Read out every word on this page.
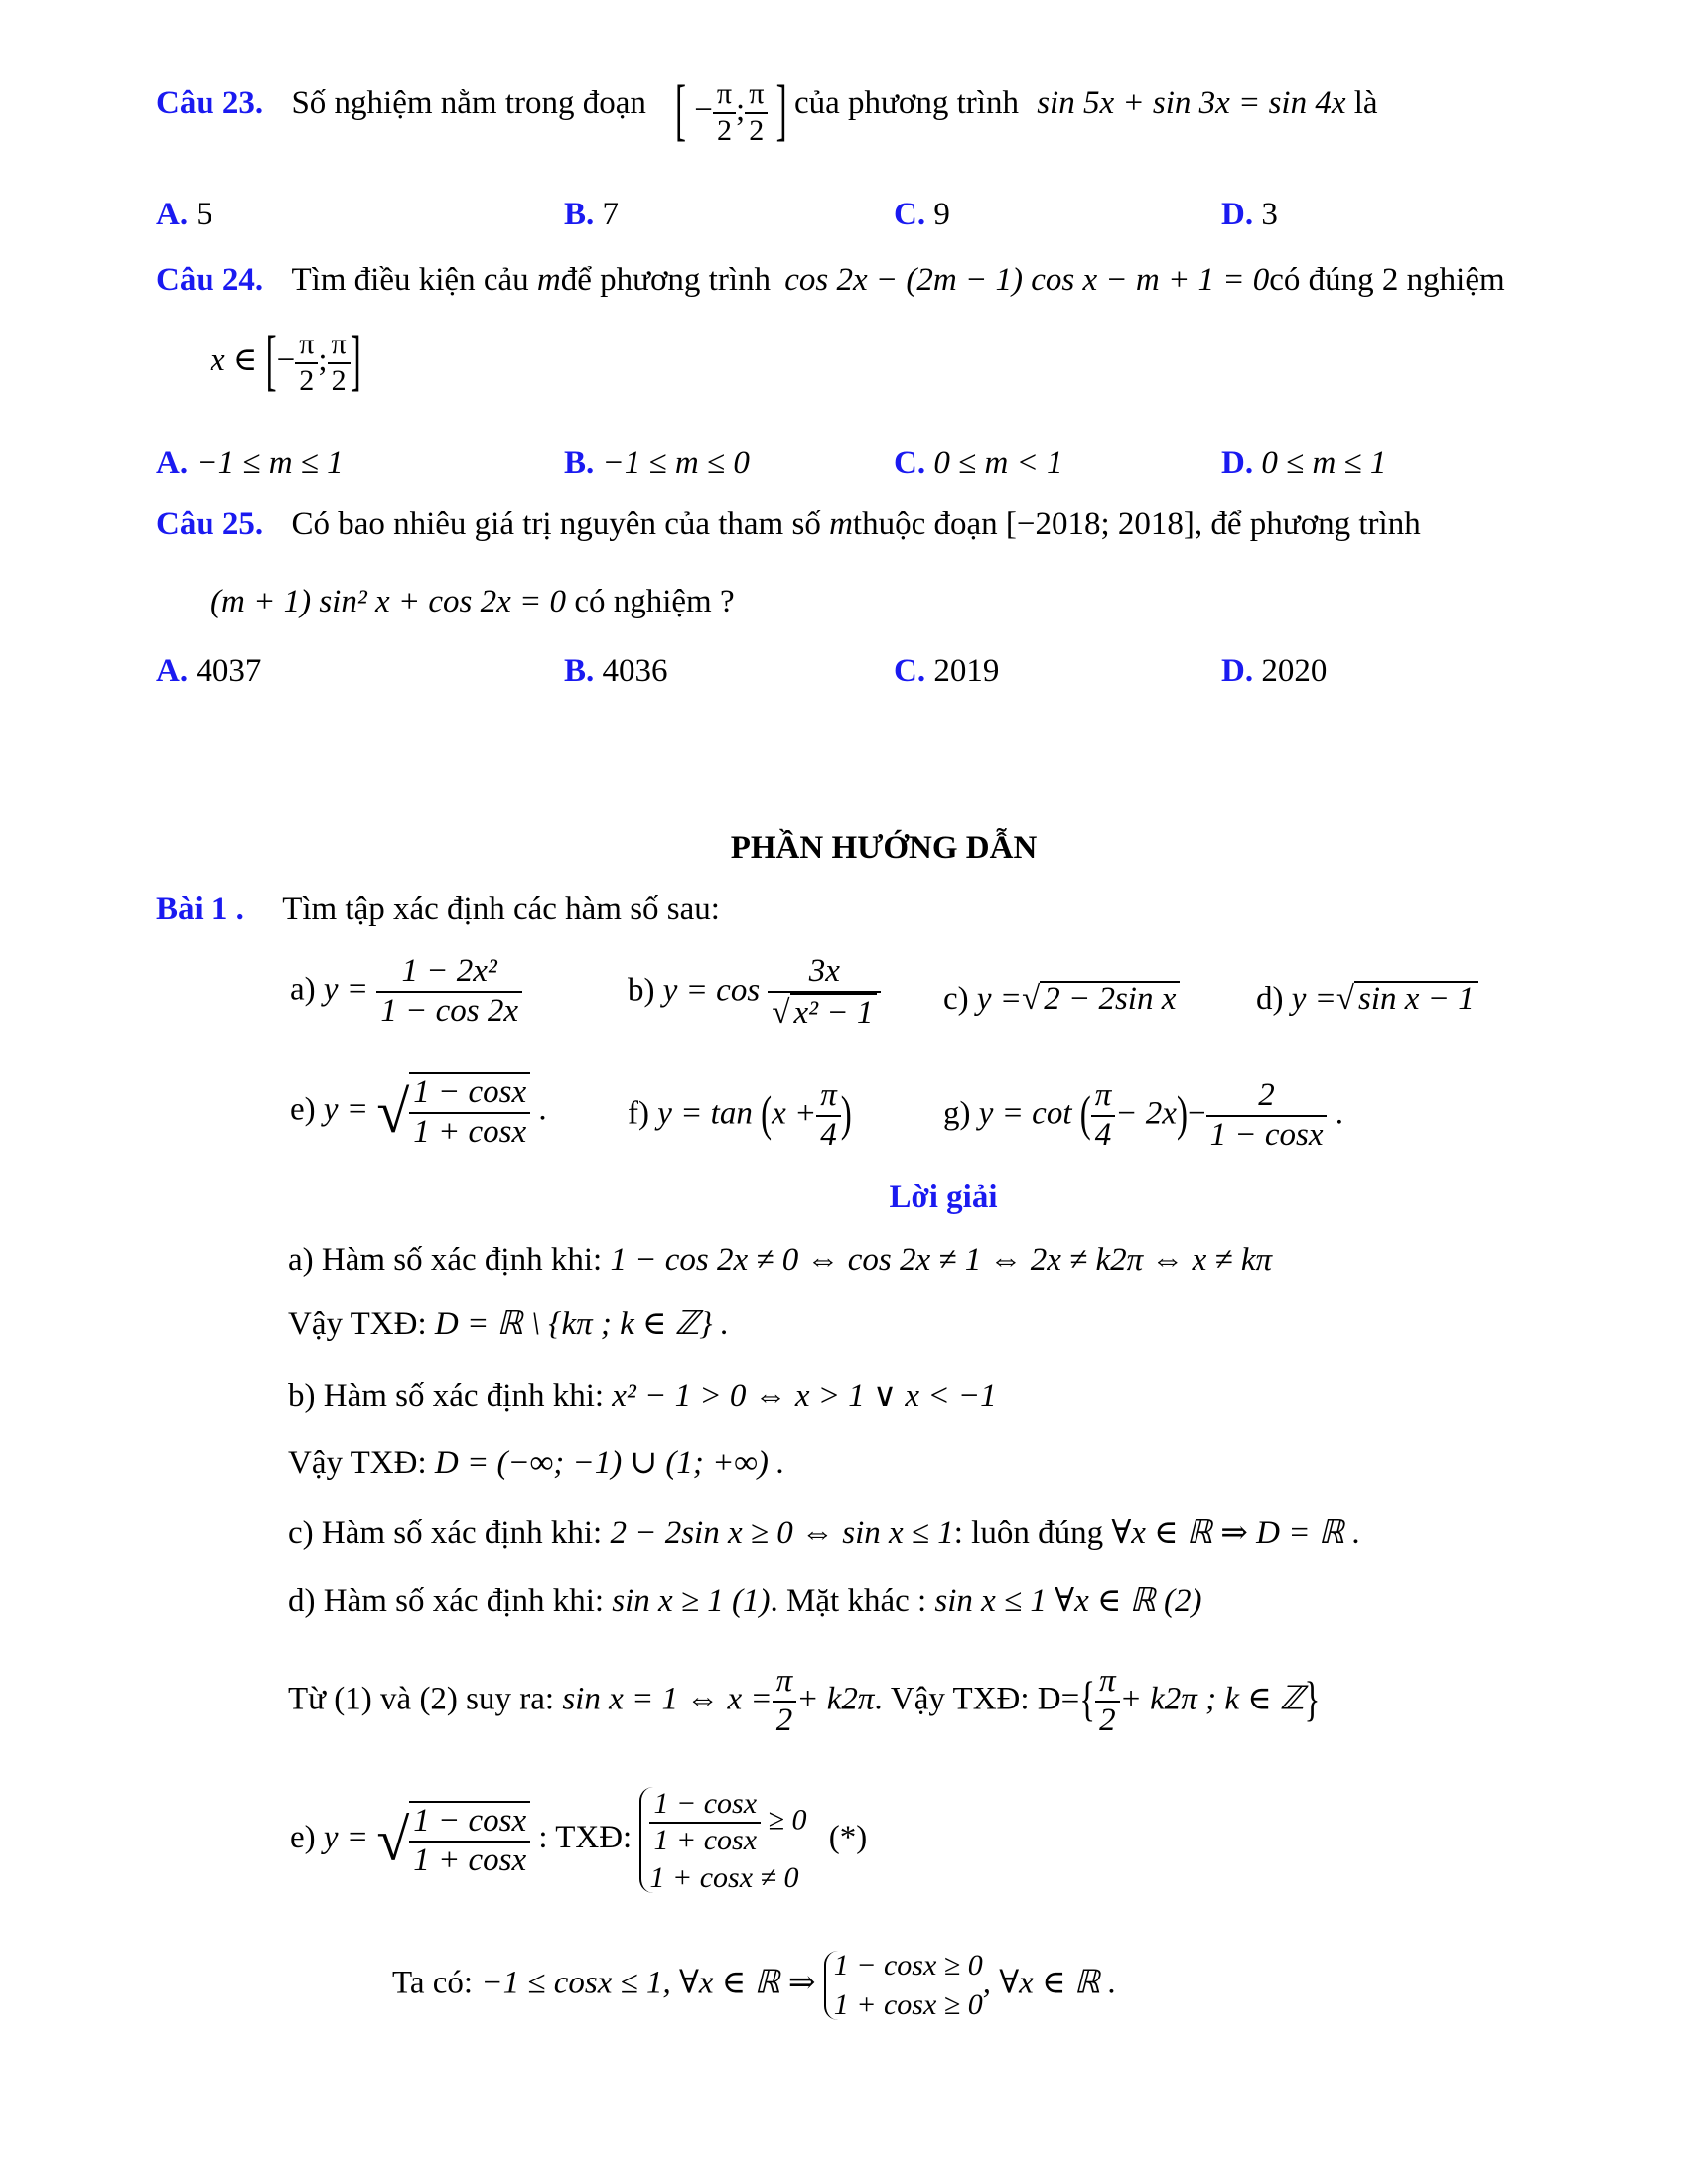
Câu 23. Số nghiệm nằm trong đoạn [ − $\frac{\pi}{2}$ ; $\frac{\pi}{2}$ ] của phương trình sin 5x + sin 3x = sin 4x là
A. 5	B. 7	C. 9	D. 3
Câu 24. Tìm điều kiện cảu mđể phương trình cos 2x − (2m − 1) cos x − m + 1 = 0có đúng 2 nghiệm
x ∈ [− $\frac{\pi}{2}$ ; $\frac{\pi}{2}$ ]
A. −1 ≤ m ≤ 1	B. −1 ≤ m ≤ 0	C. 0 ≤ m < 1	D. 0 ≤ m ≤ 1
Câu 25. Có bao nhiêu giá trị nguyên của tham số mthuộc đoạn [−2018; 2018], để phương trình
(m + 1) sin² x + cos 2x = 0 có nghiệm ?
A. 4037	B. 4036	C. 2019	D. 2020
PHẦN HƯỚNG DẪN
Bài 1 . Tìm tập xác định các hàm số sau:
a) $y = \frac{\text{1 − 2x²}}{1 - \cos 2x}$	b) $y = \cos \frac{3x}{\text{√ x² − 1}} c$) y =√ 2 − 2sin x d) y =√ sin x − 1
e) y = √ $\frac{1 - \cos x}{1 + \cos x}$ . f) $y = \tan (x + \frac{\pi}{4}$ )	g) y = cot ( $\frac{\pi}{4} - 2x)- \frac{2}{1 - \cos x}$ .
Lời giải
a) Hàm số xác định khi: 1 − cos 2x ≠ 0 ⇔ cos 2x ≠ 1 ⇔ 2x ≠ k2π ⇔ x ≠ kπ
Vậy TXĐ: D = ℝ \ {kπ ; k ∈ ℤ} .
b) Hàm số xác định khi: x² − 1 > 0 ⇔ x > 1 ∨ x < −1
Vậy TXĐ: D = (−∞; −1) ∪ (1; +∞) .
c) Hàm số xác định khi: 2 − 2sin x ≥ 0 ⇔ sin x ≤ 1: luôn đúng ∀x ∈ ℝ ⇒ D = ℝ .
d) Hàm số xác định khi: sin x ≥ 1 (1). Mặt khác : sin x ≤ 1 ∀x ∈ ℝ (2)
Từ (1) và (2) suy ra: sin x = 1 ⇔ $x = \frac{\pi}{2} + k2\pi$. Vậy TXĐ: $D=\{ \frac{\pi}{2} + k2\pi$ ; k ∈ ℤ}
e) y = √ $\frac{1 - \cos x}{1 + \cos x}$ : TXĐ: $\frac{1 - \cos x}{1 + \cos x} \ge 0$
1 + cosx ≠ 0
(*)
Ta có: −1 ≤ cosx ≤ 1, ∀x ∈ ℝ ⇒
1 − cosx ≥ 0
1 + cosx ≥ 0
, ∀x ∈ ℝ .
